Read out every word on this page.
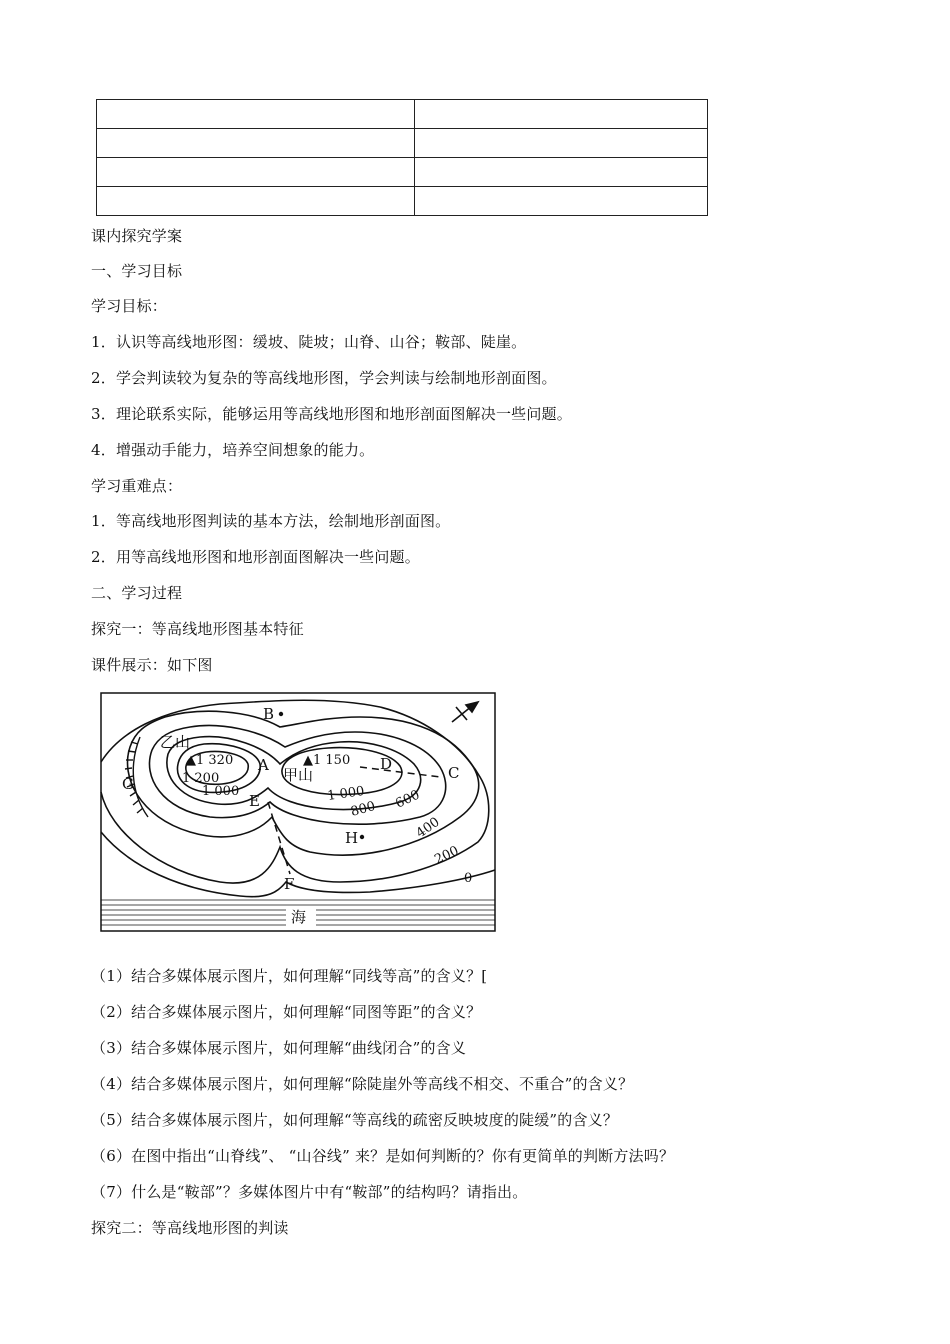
课内探究学案
一、学习目标
学习目标：
1．认识等高线地形图：缓坡、陡坡；山脊、山谷；鞍部、陡崖。
2．学会判读较为复杂的等高线地形图，学会判读与绘制地形剖面图。
3．理论联系实际，能够运用等高线地形图和地形剖面图解决一些问题。
4．增强动手能力，培养空间想象的能力。
学习重难点：
1．等高线地形图判读的基本方法，绘制地形剖面图。
2．用等高线地形图和地形剖面图解决一些问题。
二、学习过程
探究一：等高线地形图基本特征
课件展示：如下图
B
乙山
▲1 320
1 200
1 000
A	▲1 150
甲山
D	C
G
E	1 000
800 600
H	400
200
0
F
海
（1）结合多媒体展示图片，如何理解“同线等高”的含义？[
（2）结合多媒体展示图片，如何理解“同图等距”的含义？
（3）结合多媒体展示图片，如何理解“曲线闭合”的含义
（4）结合多媒体展示图片，如何理解“除陡崖外等高线不相交、不重合”的含义？
（5）结合多媒体展示图片，如何理解“等高线的疏密反映坡度的陡缓”的含义？
（6）在图中指出“山脊线”、 “山谷线” 来？是如何判断的？你有更简单的判断方法吗？
（7）什么是“鞍部”？多媒体图片中有“鞍部”的结构吗？请指出。
探究二：等高线地形图的判读
